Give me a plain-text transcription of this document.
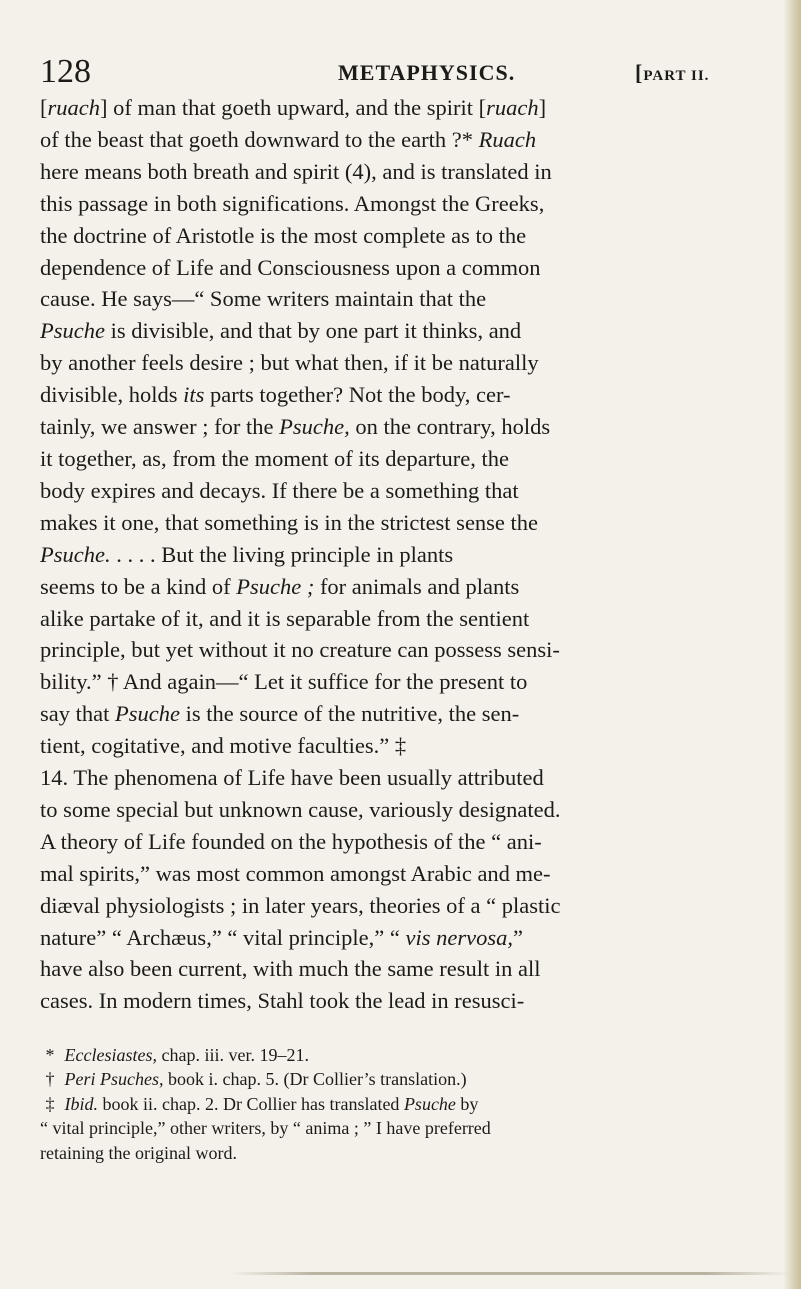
128	METAPHYSICS.	[PART II.

[ruach] of man that goeth upward, and the spirit [ruach]

of the beast that goeth downward to the earth ?* Ruach

here means both breath and spirit (4), and is translated in

this passage in both significations. Amongst the Greeks,

the doctrine of Aristotle is the most complete as to the

dependence of Life and Consciousness upon a common

cause. He says—“ Some writers maintain that the

Psuche is divisible, and that by one part it thinks, and

by another feels desire ; but what then, if it be naturally

divisible, holds its parts together? Not the body, cer-

tainly, we answer ; for the Psuche, on the contrary, holds

it together, as, from the moment of its departure, the

body expires and decays. If there be a something that

makes it one, that something is in the strictest sense the

Psuche. . . . . But the living principle in plants

seems to be a kind of Psuche ; for animals and plants

alike partake of it, and it is separable from the sentient

principle, but yet without it no creature can possess sensi-

bility.” † And again—“ Let it suffice for the present to

say that Psuche is the source of the nutritive, the sen-

tient, cogitative, and motive faculties.” ‡

14. The phenomena of Life have been usually attributed

to some special but unknown cause, variously designated.

A theory of Life founded on the hypothesis of the “ ani-

mal spirits,” was most common amongst Arabic and me-

diæval physiologists ; in later years, theories of a “ plastic

nature” “ Archæus,” “ vital principle,” “ vis nervosa,”

have also been current, with much the same result in all

cases. In modern times, Stahl took the lead in resusci-

* Ecclesiastes, chap. iii. ver. 19–21.

† Peri Psuches, book i. chap. 5. (Dr Collier’s translation.)

‡ Ibid. book ii. chap. 2. Dr Collier has translated Psuche by

“ vital principle,” other writers, by “ anima ; ” I have preferred

retaining the original word.
